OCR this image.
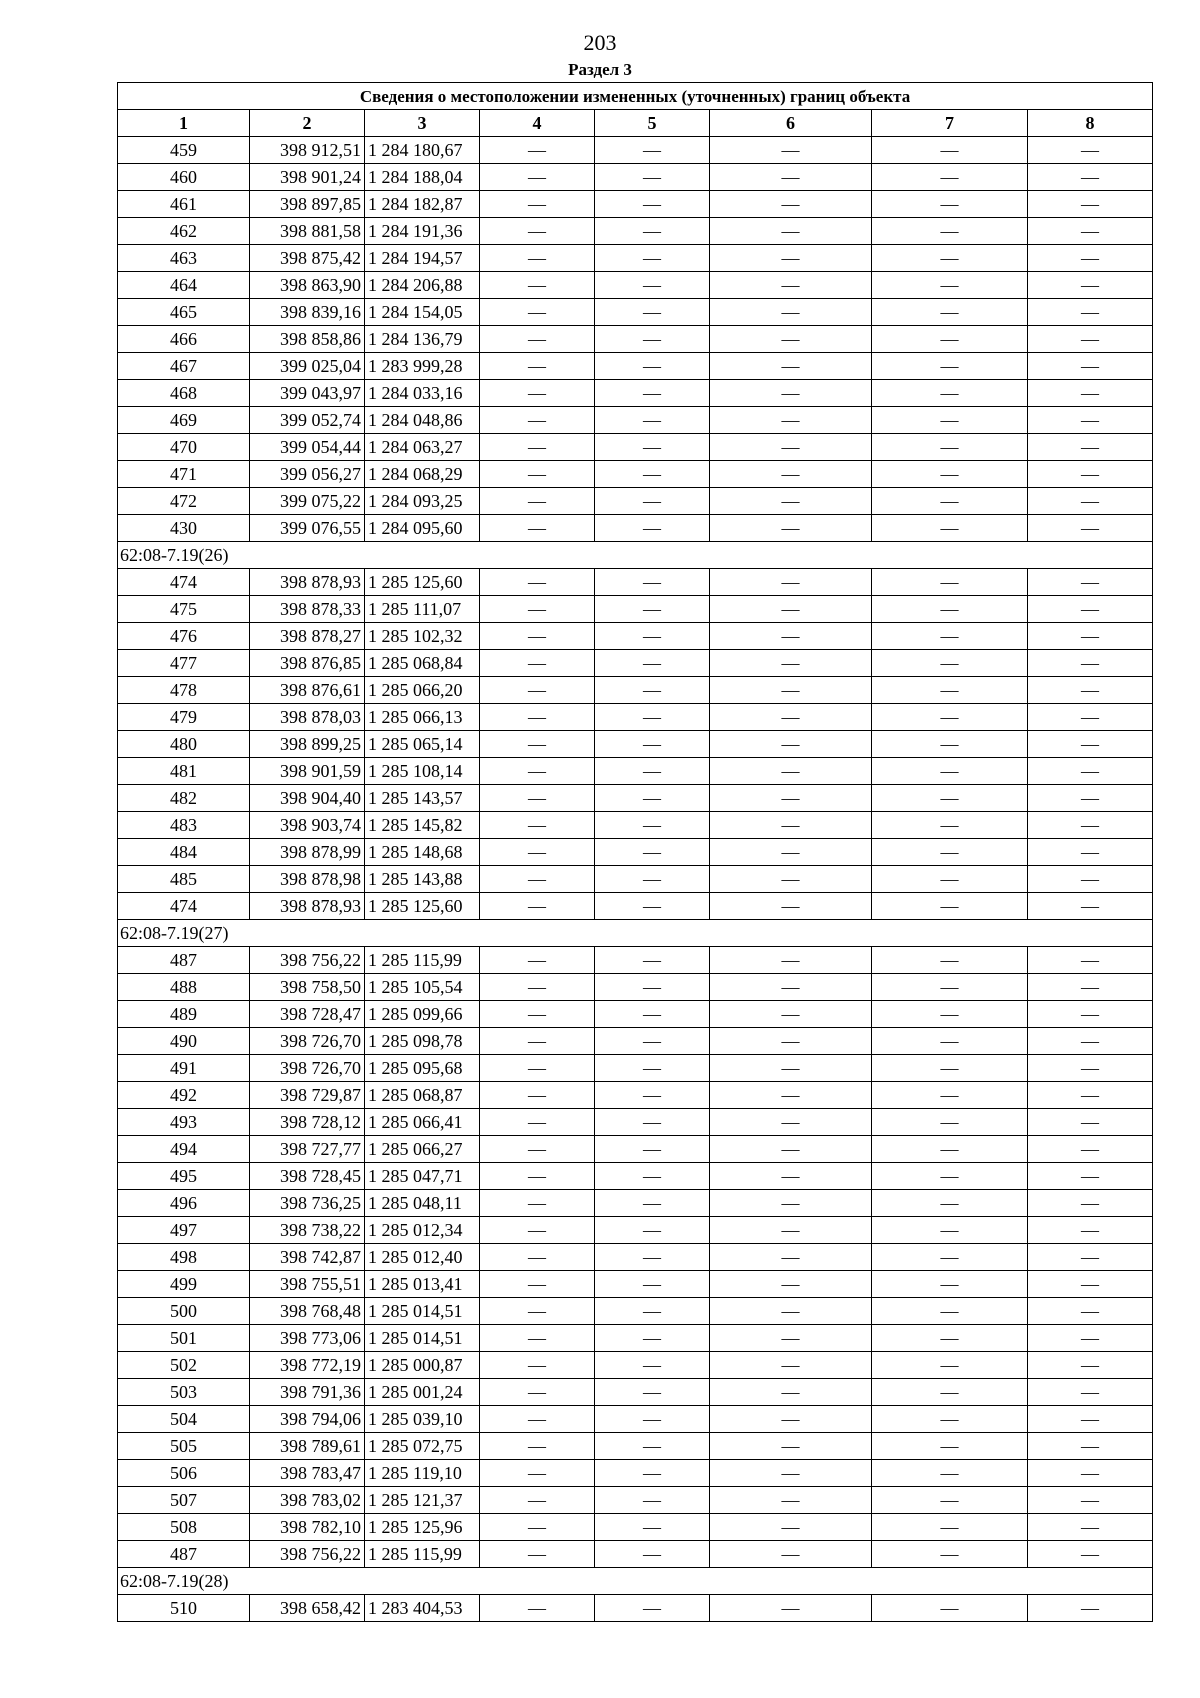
203
Раздел 3
Сведения о местоположении измененных (уточненных) границ объекта							
1	2	3	4	5	6	7	8
459	398 912,51	1 284 180,67	—	—	—	—	—
460	398 901,24	1 284 188,04	—	—	—	—	—
461	398 897,85	1 284 182,87	—	—	—	—	—
462	398 881,58	1 284 191,36	—	—	—	—	—
463	398 875,42	1 284 194,57	—	—	—	—	—
464	398 863,90	1 284 206,88	—	—	—	—	—
465	398 839,16	1 284 154,05	—	—	—	—	—
466	398 858,86	1 284 136,79	—	—	—	—	—
467	399 025,04	1 283 999,28	—	—	—	—	—
468	399 043,97	1 284 033,16	—	—	—	—	—
469	399 052,74	1 284 048,86	—	—	—	—	—
470	399 054,44	1 284 063,27	—	—	—	—	—
471	399 056,27	1 284 068,29	—	—	—	—	—
472	399 075,22	1 284 093,25	—	—	—	—	—
430	399 076,55	1 284 095,60	—	—	—	—	—
62:08-7.19(26)							
474	398 878,93	1 285 125,60	—	—	—	—	—
475	398 878,33	1 285 111,07	—	—	—	—	—
476	398 878,27	1 285 102,32	—	—	—	—	—
477	398 876,85	1 285 068,84	—	—	—	—	—
478	398 876,61	1 285 066,20	—	—	—	—	—
479	398 878,03	1 285 066,13	—	—	—	—	—
480	398 899,25	1 285 065,14	—	—	—	—	—
481	398 901,59	1 285 108,14	—	—	—	—	—
482	398 904,40	1 285 143,57	—	—	—	—	—
483	398 903,74	1 285 145,82	—	—	—	—	—
484	398 878,99	1 285 148,68	—	—	—	—	—
485	398 878,98	1 285 143,88	—	—	—	—	—
474	398 878,93	1 285 125,60	—	—	—	—	—
62:08-7.19(27)							
487	398 756,22	1 285 115,99	—	—	—	—	—
488	398 758,50	1 285 105,54	—	—	—	—	—
489	398 728,47	1 285 099,66	—	—	—	—	—
490	398 726,70	1 285 098,78	—	—	—	—	—
491	398 726,70	1 285 095,68	—	—	—	—	—
492	398 729,87	1 285 068,87	—	—	—	—	—
493	398 728,12	1 285 066,41	—	—	—	—	—
494	398 727,77	1 285 066,27	—	—	—	—	—
495	398 728,45	1 285 047,71	—	—	—	—	—
496	398 736,25	1 285 048,11	—	—	—	—	—
497	398 738,22	1 285 012,34	—	—	—	—	—
498	398 742,87	1 285 012,40	—	—	—	—	—
499	398 755,51	1 285 013,41	—	—	—	—	—
500	398 768,48	1 285 014,51	—	—	—	—	—
501	398 773,06	1 285 014,51	—	—	—	—	—
502	398 772,19	1 285 000,87	—	—	—	—	—
503	398 791,36	1 285 001,24	—	—	—	—	—
504	398 794,06	1 285 039,10	—	—	—	—	—
505	398 789,61	1 285 072,75	—	—	—	—	—
506	398 783,47	1 285 119,10	—	—	—	—	—
507	398 783,02	1 285 121,37	—	—	—	—	—
508	398 782,10	1 285 125,96	—	—	—	—	—
487	398 756,22	1 285 115,99	—	—	—	—	—
62:08-7.19(28)							
510	398 658,42	1 283 404,53	—	—	—	—	—
